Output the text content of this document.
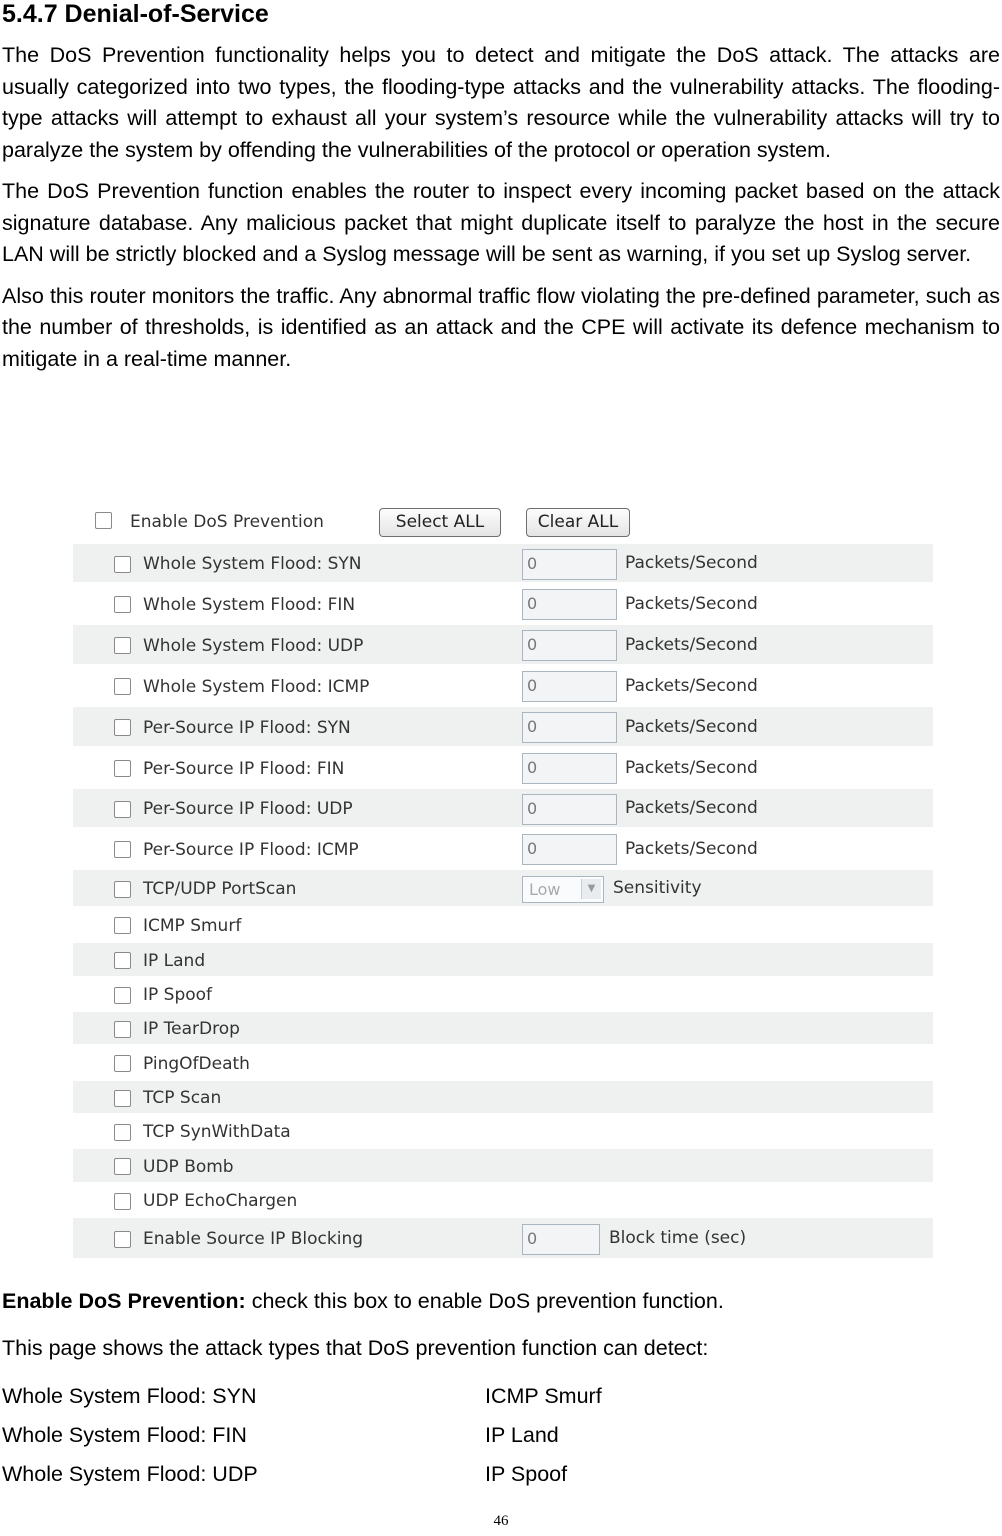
5.4.7 Denial-of-Service

The DoS Prevention functionality helps you to detect and mitigate the DoS attack. The attacks are usually categorized into two types, the flooding-type attacks and the vulnerability attacks. The flooding-type attacks will attempt to exhaust all your system’s resource while the vulnerability attacks will try to paralyze the system by offending the vulnerabilities of the protocol or operation system.

The DoS Prevention function enables the router to inspect every incoming packet based on the attack signature database. Any malicious packet that might duplicate itself to paralyze the host in the secure LAN will be strictly blocked and a Syslog message will be sent as warning, if you set up Syslog server.

Also this router monitors the traffic. Any abnormal traffic flow violating the pre-defined parameter, such as the number of thresholds, is identified as an attack and the CPE will activate its defence mechanism to mitigate in a real-time manner.

Enable DoS Prevention	Select ALL	Clear ALL
Whole System Flood: SYN	0	Packets/Second
Whole System Flood: FIN	0	Packets/Second
Whole System Flood: UDP	0	Packets/Second
Whole System Flood: ICMP	0	Packets/Second
Per-Source IP Flood: SYN	0	Packets/Second
Per-Source IP Flood: FIN	0	Packets/Second
Per-Source IP Flood: UDP	0	Packets/Second
Per-Source IP Flood: ICMP	0	Packets/Second
TCP/UDP PortScan	Low	▼	Sensitivity
ICMP Smurf
IP Land
IP Spoof
IP TearDrop
PingOfDeath
TCP Scan
TCP SynWithData
UDP Bomb
UDP EchoChargen
Enable Source IP Blocking	0	Block time (sec)
Enable DoS Prevention: check this box to enable DoS prevention function.
This page shows the attack types that DoS prevention function can detect:
Whole System Flood: SYN	ICMP Smurf
Whole System Flood: FIN	IP Land
Whole System Flood: UDP	IP Spoof
46
